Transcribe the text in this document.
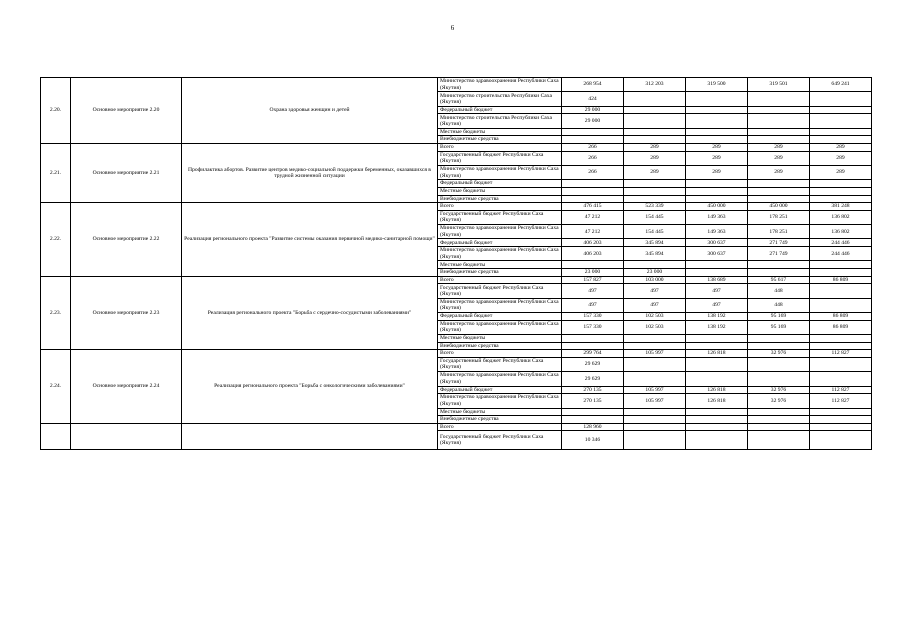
6
2.20.	Основное мероприятие 2.20	Охрана здоровья женщин и детей	Министерство здравоохранения Республики Саха (Якутия)	268 954	312 203	319 500	319 501	649 241
			Министерство строительства Республики Саха (Якутия)	424				
			Федеральный бюджет	29 000				
			Министерство строительства Республики Саха (Якутия)	29 000				
			Местные бюджеты					
			Внебюджетные средства					
2.21.	Основное мероприятие 2.21	Профилактика абортов. Развитие центров медико-социальной поддержки беременных, оказавшихся в трудной жизненной ситуации	Всего	266	289	289	289	289
			Государственный бюджет Республики Саха (Якутия)	266	289	289	289	289
			Министерство здравоохранения Республики Саха (Якутия)	266	289	289	289	289
			Федеральный бюджет					
			Местные бюджеты					
			Внебюджетные средства					
2.22.	Основное мероприятие 2.22	Реализация регионального проекта "Развитие системы оказания первичной медико-санитарной помощи"	Всего	476 415	523 339	450 000	450 000	381 248
			Государственный бюджет Республики Саха (Якутия)	47 212	154 445	149 363	178 251	136 802
			Министерство здравоохранения Республики Саха (Якутия)	47 212	154 445	149 363	178 251	136 802
			Федеральный бюджет	406 203	345 894	300 637	271 749	244 446
			Министерство здравоохранения Республики Саха (Якутия)	406 203	345 894	300 637	271 749	244 446
			Местные бюджеты					
			Внебюджетные средства	23 000	23 000			
2.23.	Основное мероприятие 2.23	Реализация регионального проекта "Борьба с сердечно-сосудистыми заболеваниями"	Всего	157 827	103 000	138 689	95 617	86 809
			Государственный бюджет Республики Саха (Якутия)	497	497	497	448	
			Министерство здравоохранения Республики Саха (Якутия)	497	497	497	448	
			Федеральный бюджет	157 330	102 503	138 192	95 169	86 809
			Министерство здравоохранения Республики Саха (Якутия)	157 330	102 503	138 192	95 169	86 809
			Местные бюджеты					
			Внебюджетные средства					
2.24.	Основное мероприятие 2.24	Реализация регионального проекта "Борьба с онкологическими заболеваниями"	Всего	299 764	105 997	126 818	32 976	112 827
			Государственный бюджет Республики Саха (Якутия)	29 629				
			Министерство здравоохранения Республики Саха (Якутия)	29 629				
			Федеральный бюджет	270 135	105 997	126 818	32 976	112 827
			Министерство здравоохранения Республики Саха (Якутия)	270 135	105 997	126 818	32 976	112 827
			Местные бюджеты					
			Внебюджетные средства					
			Всего	128 960				
			Государственный бюджет Республики Саха (Якутия)	10 346				
